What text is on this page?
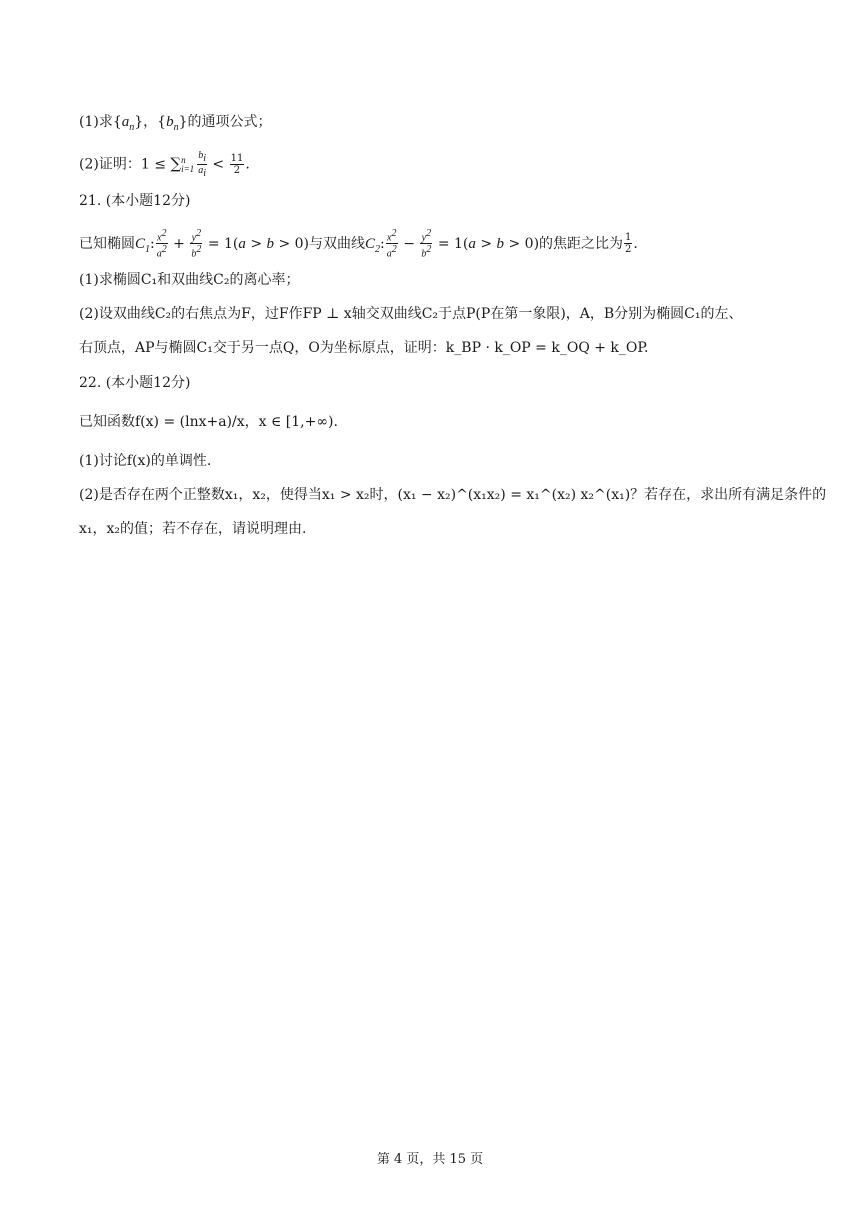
(1)求$\{a_n\}$，$\{b_n\}$的通项公式；
(2)证明：1 ≤ ∑ n
$i=1 \frac{b_i}{a_i} < \frac{11}{2}$ .
21. (本小题12分)
已知椭圆$C_1$: $\frac{x^2}{a^2} + \frac{y^2}{b^2} = 1(a > b > 0)$与双曲线$C_2$: $\frac{x^2}{a^2} - \frac{y^2}{b^2} = 1(a > b > 0)$的焦距之比为 $\frac{1}{2}$ .
(1)求椭圆C₁和双曲线C₂的离心率；
(2)设双曲线C₂的右焦点为F，过F作FP ⊥ x轴交双曲线C₂于点P(P在第一象限)，A，B分别为椭圆C₁的左、
右顶点，AP与椭圆C₁交于另一点Q，O为坐标原点，证明：k_BP · k_OP = k_OQ + k_OP.
22. (本小题12分)
已知函数f(x) = (lnx+a)/x，x ∈ [1,+∞).
(1)讨论f(x)的单调性.
(2)是否存在两个正整数x₁，x₂，使得当x₁ > x₂时，(x₁ − x₂)^(x₁x₂) = x₁^(x₂) x₂^(x₁)？若存在，求出所有满足条件的
x₁，x₂的值；若不存在，请说明理由.
第 4 页，共 15 页
